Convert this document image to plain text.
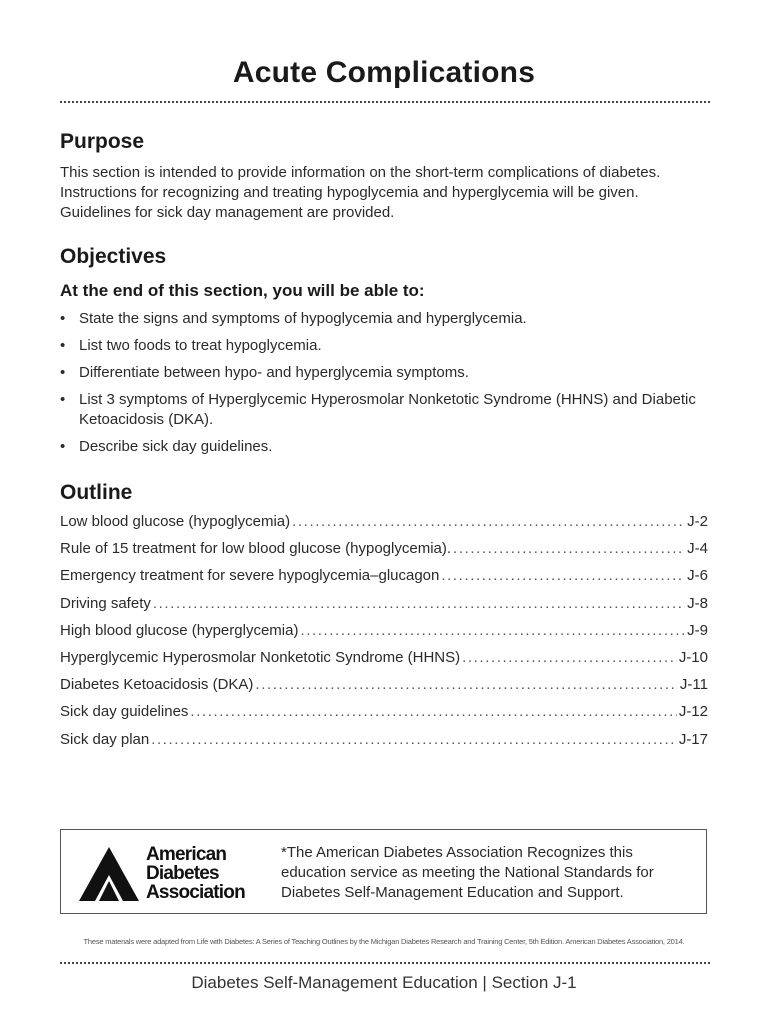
Acute Complications
Purpose

This section is intended to provide information on the short-term complications of diabetes. Instructions for recognizing and treating hypoglycemia and hyperglycemia will be given. Guidelines for sick day management are provided.

Objectives

At the end of this section, you will be able to:

• State the signs and symptoms of hypoglycemia and hyperglycemia.
• List two foods to treat hypoglycemia.
• Differentiate between hypo- and hyperglycemia symptoms.
• List 3 symptoms of Hyperglycemic Hyperosmolar Nonketotic Syndrome (HHNS) and Diabetic Ketoacidosis (DKA).
• Describe sick day guidelines.
Outline
Low blood glucose (hypoglycemia) .....	J-2
Rule of 15 treatment for low blood glucose (hypoglycemia). .....	J-4
Emergency treatment for severe hypoglycemia–glucagon .....	J-6
Driving safety .....	J-8
High blood glucose (hyperglycemia) .....	J-9
Hyperglycemic Hyperosmolar Nonketotic Syndrome (HHNS) .....	J-10
Diabetes Ketoacidosis (DKA) .....	J-11
Sick day guidelines .....	J-12
Sick day plan .....	J-17
American
Diabetes
Association
*The American Diabetes Association Recognizes this education service as meeting the National Standards for Diabetes Self-Management Education and Support.
These materials were adapted from Life with Diabetes: A Series of Teaching Outlines by the Michigan Diabetes Research and Training Center, 5th Edition. American Diabetes Association, 2014.
Diabetes Self-Management Education | Section J-1
